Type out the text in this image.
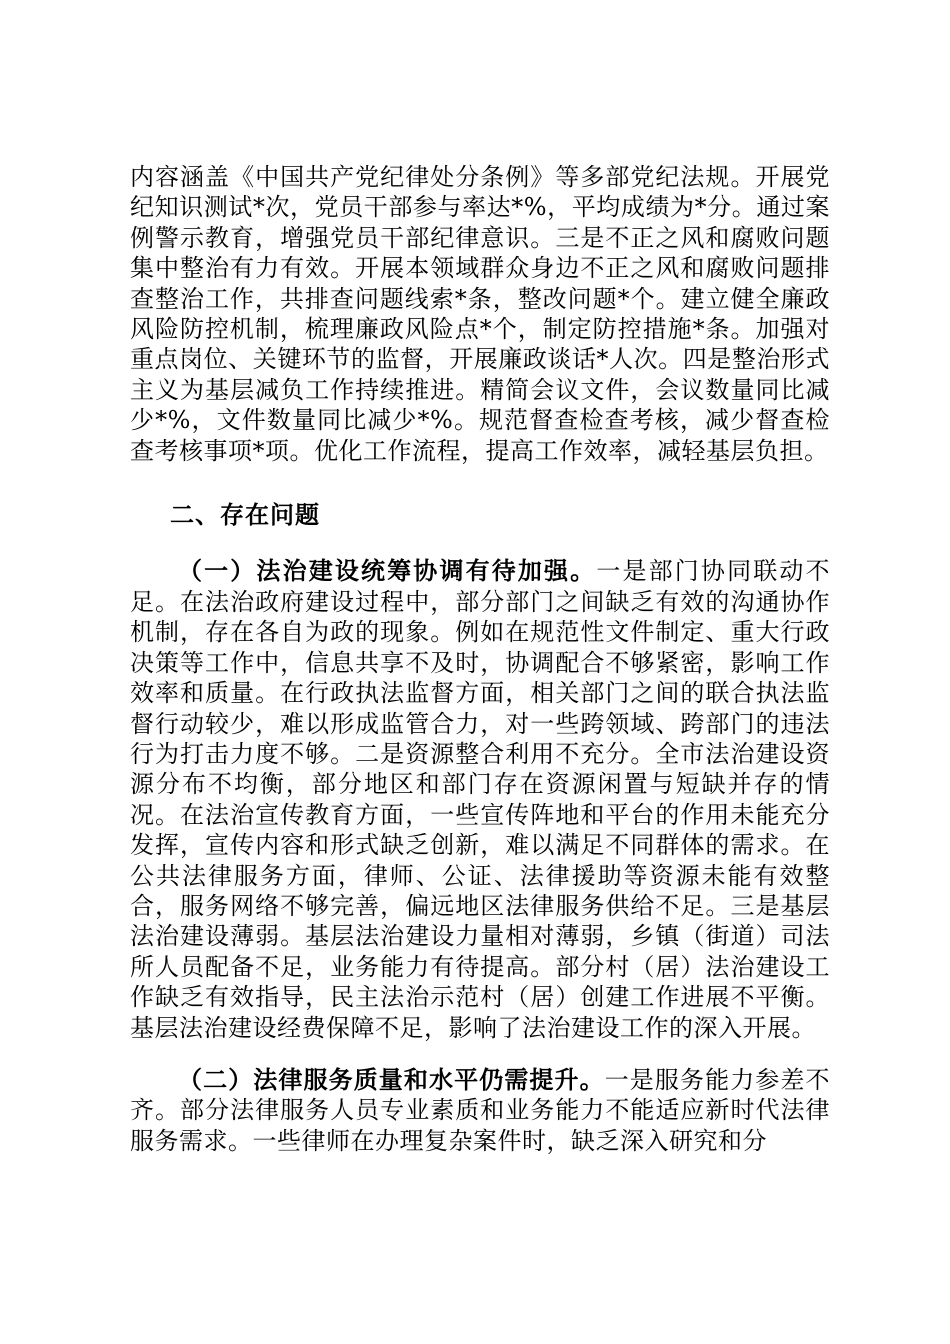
内容涵盖《中国共产党纪律处分条例》等多部党纪法规。开展党纪知识测试*次，党员干部参与率达*%，平均成绩为*分。通过案例警示教育，增强党员干部纪律意识。三是不正之风和腐败问题集中整治有力有效。开展本领域群众身边不正之风和腐败问题排查整治工作，共排查问题线索*条，整改问题*个。建立健全廉政风险防控机制，梳理廉政风险点*个，制定防控措施*条。加强对重点岗位、关键环节的监督，开展廉政谈话*人次。四是整治形式主义为基层减负工作持续推进。精简会议文件，会议数量同比减少*%，文件数量同比减少*%。规范督查检查考核，减少督查检查考核事项*项。优化工作流程，提高工作效率，减轻基层负担。

二、存在问题

（一）法治建设统筹协调有待加强。一是部门协同联动不足。在法治政府建设过程中，部分部门之间缺乏有效的沟通协作机制，存在各自为政的现象。例如在规范性文件制定、重大行政决策等工作中，信息共享不及时，协调配合不够紧密，影响工作效率和质量。在行政执法监督方面，相关部门之间的联合执法监督行动较少，难以形成监管合力，对一些跨领域、跨部门的违法行为打击力度不够。二是资源整合利用不充分。全市法治建设资源分布不均衡，部分地区和部门存在资源闲置与短缺并存的情况。在法治宣传教育方面，一些宣传阵地和平台的作用未能充分发挥，宣传内容和形式缺乏创新，难以满足不同群体的需求。在公共法律服务方面，律师、公证、法律援助等资源未能有效整合，服务网络不够完善，偏远地区法律服务供给不足。三是基层法治建设薄弱。基层法治建设力量相对薄弱，乡镇（街道）司法所人员配备不足，业务能力有待提高。部分村（居）法治建设工作缺乏有效指导，民主法治示范村（居）创建工作进展不平衡。基层法治建设经费保障不足，影响了法治建设工作的深入开展。

（二）法律服务质量和水平仍需提升。一是服务能力参差不齐。部分法律服务人员专业素质和业务能力不能适应新时代法律服务需求。一些律师在办理复杂案件时，缺乏深入研究和分
